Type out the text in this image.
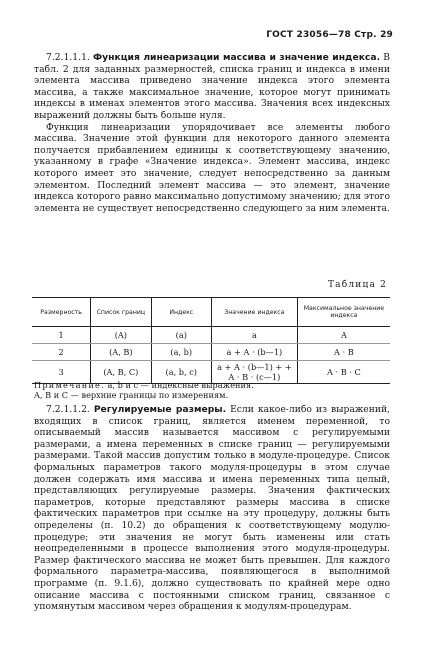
ГОСТ 23056—78 Стр. 29

7.2.1.1.1. Функция линеаризации массива и значение индекса. В табл. 2 для заданных размерностей, списка границ и индекса в имени элемента массива приведено значение индекса этого элемента массива, а также максимальное значение, которое могут принимать индексы в именах элементов этого массива. Значения всех индексных выражений должны быть больше нуля.

Функция линеаризации упорядочивает все элементы любого массива. Значение этой функции для некоторого данного элемента получается прибавлением единицы к соответствующему значению, указанному в графе «Значение индекса». Элемент массива, индекс которого имеет это значение, следует непосредственно за данным элементом. Последний элемент массива — это элемент, значение индекса которого равно максимально допустимому значению; для этого элемента не существует непосредственно следующего за ним элемента.

Таблица 2
Размерность	Список границ	Индекс	Значение индекса	Максимальное значение индекса
1	(A)	(a)	a	A
2	(A, B)	(a, b)	a + A · (b—1)	A · B
3	(A, B, C)	(a, b, c)	a + A · (b—1) + + A · B · (c—1)	A · B · C
Примечание. a, b и c — индексные выражения.
A, B и C — верхние границы по измерениям.

7.2.1.1.2. Регулируемые размеры. Если какое-либо из выражений, входящих в список границ, является именем переменной, то описываемый массив называется массивом с регулируемыми размерами, а имена переменных в списке границ — регулируемыми размерами. Такой массив допустим только в модуле-процедуре. Список формальных параметров такого модуля-процедуры в этом случае должен содержать имя массива и имена переменных типа целый, представляющих регулируемые размеры. Значения фактических параметров, которые представляют размеры массива в списке фактических параметров при ссылке на эту процедуру, должны быть определены (п. 10.2) до обращения к соответствующему модулю-процедуре; эти значения не могут быть изменены или стать неопределенными в процессе выполнения этого модуля-процедуры. Размер фактического массива не может быть превышен. Для каждого формального параметра-массива, появляющегося в выполнимой программе (п. 9.1.6), должно существовать по крайней мере одно описание массива с постоянными списком границ, связанное с упомянутым массивом через обращения к модулям-процедурам.
